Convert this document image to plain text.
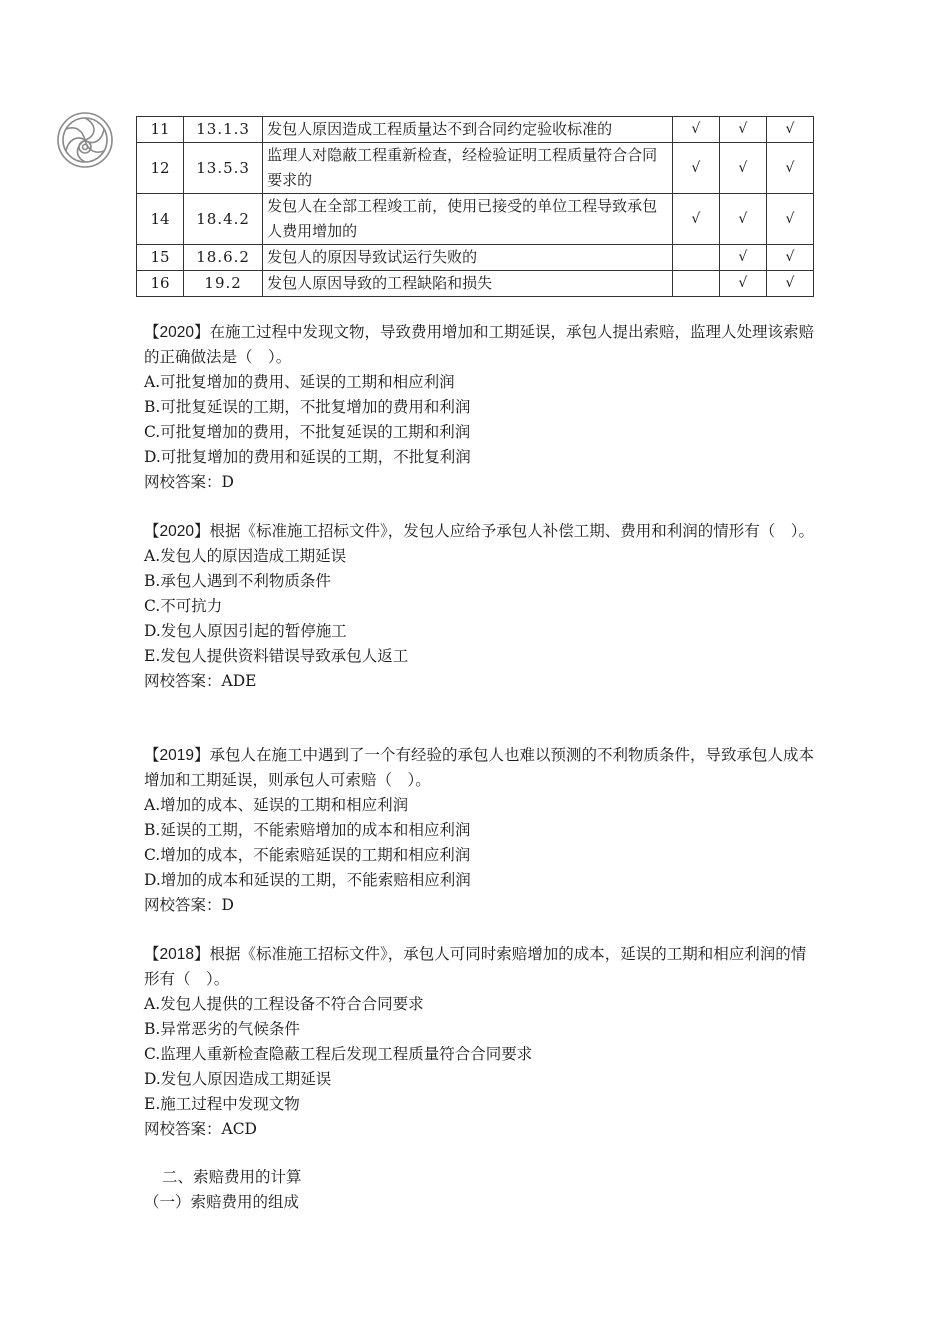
11	13.1.3	发包人原因造成工程质量达不到合同约定验收标准的	√	√	√
12	13.5.3	监理人对隐蔽工程重新检查，经检验证明工程质量符合合同要求的	√	√	√
14	18.4.2	发包人在全部工程竣工前，使用已接受的单位工程导致承包人费用增加的	√	√	√
15	18.6.2	发包人的原因导致试运行失败的		√	√
16	19.2	发包人原因导致的工程缺陷和损失		√	√
【2020】在施工过程中发现文物，导致费用增加和工期延误，承包人提出索赔，监理人处理该索赔的正确做法是（　）。
A.可批复增加的费用、延误的工期和相应利润
B.可批复延误的工期，不批复增加的费用和利润
C.可批复增加的费用，不批复延误的工期和利润
D.可批复增加的费用和延误的工期，不批复利润
网校答案：D
【2020】根据《标准施工招标文件》，发包人应给予承包人补偿工期、费用和利润的情形有（　）。
A.发包人的原因造成工期延误
B.承包人遇到不利物质条件
C.不可抗力
D.发包人原因引起的暂停施工
E.发包人提供资料错误导致承包人返工
网校答案：ADE
【2019】承包人在施工中遇到了一个有经验的承包人也难以预测的不利物质条件，导致承包人成本增加和工期延误，则承包人可索赔（　）。
A.增加的成本、延误的工期和相应利润
B.延误的工期，不能索赔增加的成本和相应利润
C.增加的成本，不能索赔延误的工期和相应利润
D.增加的成本和延误的工期，不能索赔相应利润
网校答案：D
【2018】根据《标准施工招标文件》，承包人可同时索赔增加的成本，延误的工期和相应利润的情形有（　）。
A.发包人提供的工程设备不符合合同要求
B.异常恶劣的气候条件
C.监理人重新检查隐蔽工程后发现工程质量符合合同要求
D.发包人原因造成工期延误
E.施工过程中发现文物
网校答案：ACD
二、索赔费用的计算
（一）索赔费用的组成
